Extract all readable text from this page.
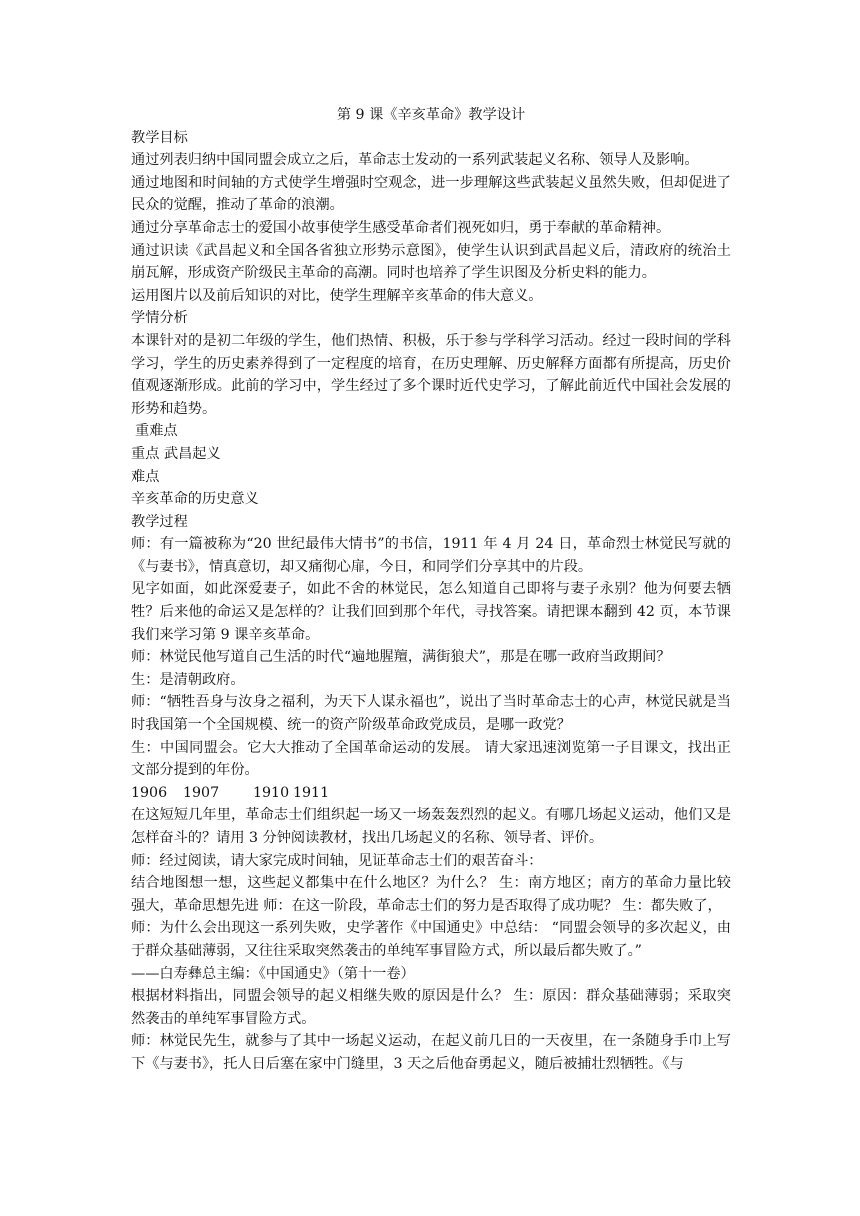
第 9 课《辛亥革命》教学设计

教学目标

通过列表归纳中国同盟会成立之后，革命志士发动的一系列武装起义名称、领导人及影响。

通过地图和时间轴的方式使学生增强时空观念，进一步理解这些武装起义虽然失败，但却促进了民众的觉醒，推动了革命的浪潮。

通过分享革命志士的爱国小故事使学生感受革命者们视死如归，勇于奉献的革命精神。

通过识读《武昌起义和全国各省独立形势示意图》，使学生认识到武昌起义后，清政府的统治土崩瓦解，形成资产阶级民主革命的高潮。同时也培养了学生识图及分析史料的能力。

运用图片以及前后知识的对比，使学生理解辛亥革命的伟大意义。

学情分析

本课针对的是初二年级的学生，他们热情、积极，乐于参与学科学习活动。经过一段时间的学科学习，学生的历史素养得到了一定程度的培育，在历史理解、历史解释方面都有所提高，历史价值观逐渐形成。此前的学习中，学生经过了多个课时近代史学习，了解此前近代中国社会发展的形势和趋势。

重难点

重点 武昌起义

难点

辛亥革命的历史意义

教学过程

师：有一篇被称为“20 世纪最伟大情书”的书信，1911 年 4 月 24 日，革命烈士林觉民写就的《与妻书》，情真意切，却又痛彻心扉，今日，和同学们分享其中的片段。

见字如面，如此深爱妻子，如此不舍的林觉民，怎么知道自己即将与妻子永别？他为何要去牺牲？后来他的命运又是怎样的？让我们回到那个年代，寻找答案。请把课本翻到 42 页，本节课我们来学习第 9 课辛亥革命。

师：林觉民他写道自己生活的时代“遍地腥羶，满街狼犬”，那是在哪一政府当政期间？

生：是清朝政府。

师：“牺牲吾身与汝身之福利，为天下人谋永福也”，说出了当时革命志士的心声，林觉民就是当时我国第一个全国规模、统一的资产阶级革命政党成员，是哪一政党？

生：中国同盟会。它大大推动了全国革命运动的发展。 请大家迅速浏览第一子目课文，找出正文部分提到的年份。

1906 1907 1910 1911

在这短短几年里，革命志士们组织起一场又一场轰轰烈烈的起义。有哪几场起义运动，他们又是怎样奋斗的？请用 3 分钟阅读教材，找出几场起义的名称、领导者、评价。

师：经过阅读，请大家完成时间轴，见证革命志士们的艰苦奋斗：

结合地图想一想，这些起义都集中在什么地区？为什么？ 生：南方地区；南方的革命力量比较强大，革命思想先进 师：在这一阶段，革命志士们的努力是否取得了成功呢？ 生：都失败了，

师：为什么会出现这一系列失败，史学著作《中国通史》中总结： “同盟会领导的多次起义，由于群众基础薄弱，又往往采取突然袭击的单纯军事冒险方式，所以最后都失败了。”

——白寿彝总主编：《中国通史》（第十一卷）

根据材料指出，同盟会领导的起义相继失败的原因是什么？ 生：原因：群众基础薄弱；采取突然袭击的单纯军事冒险方式。

师：林觉民先生，就参与了其中一场起义运动，在起义前几日的一天夜里，在一条随身手巾上写下《与妻书》，托人日后塞在家中门缝里，3 天之后他奋勇起义，随后被捕壮烈牺牲。《与
